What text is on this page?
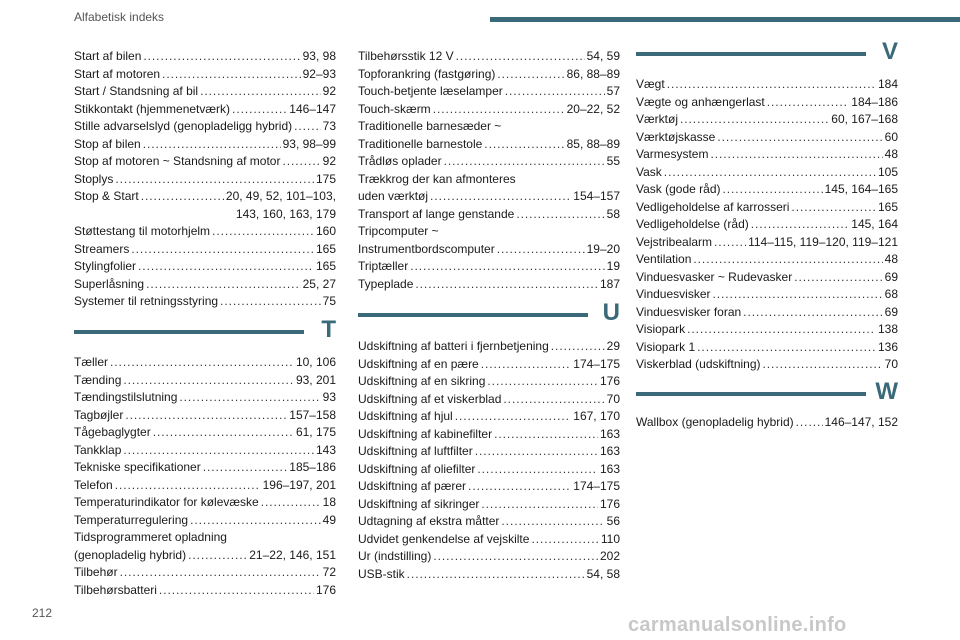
Alfabetisk indeks
Start af bilen . . .	93, 98
Start af motoren . . .	92–93
Start / Standsning af bil . . .	92
Stikkontakt (hjemmenetværk) . . .	146–147
Stille advarselslyd (genopladeligg hybrid) . . .	73
Stop af bilen . . .	93, 98–99
Stop af motoren ~ Standsning af motor . . .	92
Stoplys . . .	175
Stop & Start . . .	20, 49, 52, 101–103,
143, 160, 163, 179
Støttestang til motorhjelm . . .	160
Streamers . . .	165
Stylingfolier . . .	165
Superlåsning . . .	25, 27
Systemer til retningsstyring . . .	75
T
Tæller . . .	10, 106
Tænding . . .	93, 201
Tændingstilslutning . . .	93
Tagbøjler . . .	157–158
Tågebaglygter . . .	61, 175
Tankklap . . .	143
Tekniske specifikationer . . .	185–186
Telefon . . .	196–197, 201
Temperaturindikator for kølevæske . . .	18
Temperaturregulering . . .	49
Tidsprogrammeret opladning
(genopladelig hybrid) . . .	21–22, 146, 151
Tilbehør . . .	72
Tilbehørsbatteri . . .	176
Tilbehørsstik 12 V . . .	54, 59
Topforankring (fastgøring) . . .	86, 88–89
Touch-betjente læselamper . . .	57
Touch-skærm . . .	20–22, 52
Traditionelle barnesæder ~
Traditionelle barnestole . . .	85, 88–89
Trådløs oplader . . .	55
Trækkrog der kan afmonteres
uden værktøj . . .	154–157
Transport af lange genstande . . .	58
Tripcomputer ~
Instrumentbordscomputer . . .	19–20
Triptæller . . .	19
Typeplade . . .	187
U
Udskiftning af batteri i fjernbetjening . . .	29
Udskiftning af en pære . . .	174–175
Udskiftning af en sikring . . .	176
Udskiftning af et viskerblad . . .	70
Udskiftning af hjul . . .	167, 170
Udskiftning af kabinefilter . . .	163
Udskiftning af luftfilter . . .	163
Udskiftning af oliefilter . . .	163
Udskiftning af pærer . . .	174–175
Udskiftning af sikringer . . .	176
Udtagning af ekstra måtter . . .	56
Udvidet genkendelse af vejskilte . . .	110
Ur (indstilling) . . .	202
USB-stik . . .	54, 58
V
Vægt . . .	184
Vægte og anhængerlast . . .	184–186
Værktøj . . .	60, 167–168
Værktøjskasse . . .	60
Varmesystem . . .	48
Vask . . .	105
Vask (gode råd) . . .	145, 164–165
Vedligeholdelse af karrosseri . . .	165
Vedligeholdelse (råd) . . .	145, 164
Vejstribealarm . . .	114–115, 119–120, 119–121
Ventilation . . .	48
Vinduesvasker ~ Rudevasker . . .	69
Vinduesvisker . . .	68
Vinduesvisker foran . . .	69
Visiopark . . .	138
Visiopark 1 . . .	136
Viskerblad (udskiftning) . . .	70
W
Wallbox (genopladelig hybrid) . . .	146–147, 152
212
carmanualsonline.info
